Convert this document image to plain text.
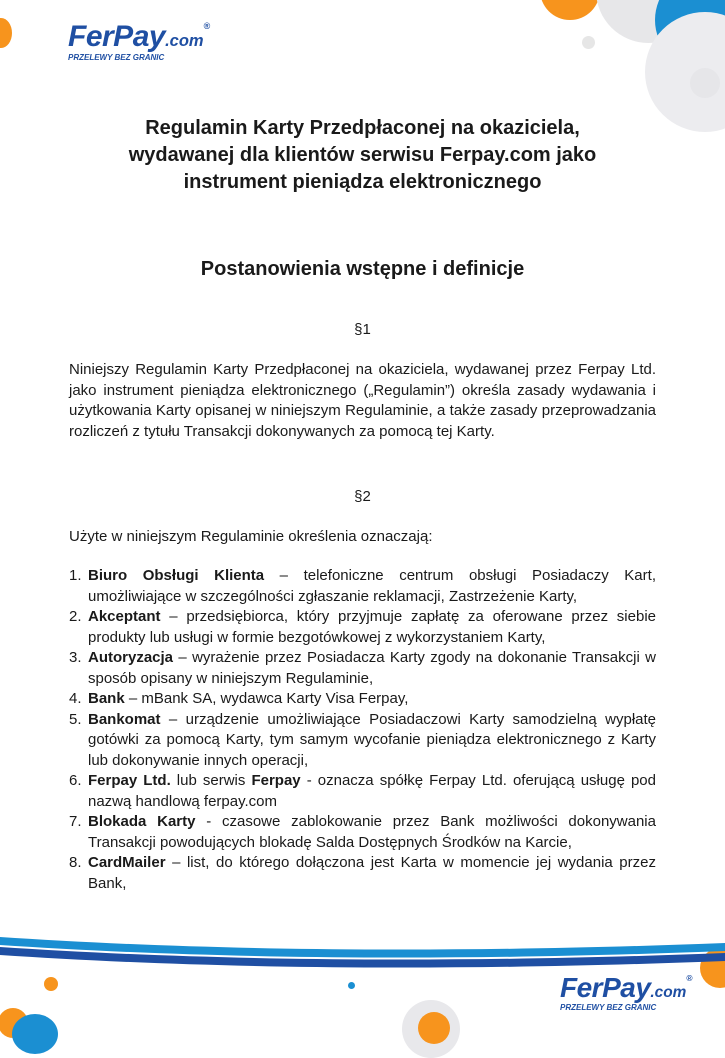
FerPay.com®
PRZELEWY BEZ GRANIC
Regulamin Karty Przedpłaconej na okaziciela,
wydawanej dla klientów serwisu Ferpay.com jako
instrument pieniądza elektronicznego
Postanowienia wstępne i definicje

§1

Niniejszy Regulamin Karty Przedpłaconej na okaziciela, wydawanej przez Ferpay Ltd. jako instrument pieniądza elektronicznego („Regulamin”) określa zasady wydawania i użytkowania Karty opisanej w niniejszym Regulaminie, a także zasady przeprowadzania rozliczeń z tytułu Transakcji dokonywanych za pomocą tej Karty.

§2

Użyte w niniejszym Regulaminie określenia oznaczają:

1. Biuro Obsługi Klienta – telefoniczne centrum obsługi Posiadaczy Kart, umożliwiające w szczególności zgłaszanie reklamacji, Zastrzeżenie Karty,
2. Akceptant – przedsiębiorca, który przyjmuje zapłatę za oferowane przez siebie produkty lub usługi w formie bezgotówkowej z wykorzystaniem Karty,
3. Autoryzacja – wyrażenie przez Posiadacza Karty zgody na dokonanie Transakcji w sposób opisany w niniejszym Regulaminie,
4. Bank – mBank SA, wydawca Karty Visa Ferpay,
5. Bankomat – urządzenie umożliwiające Posiadaczowi Karty samodzielną wypłatę gotówki za pomocą Karty, tym samym wycofanie pieniądza elektronicznego z Karty lub dokonywanie innych operacji,
6. Ferpay Ltd. lub serwis Ferpay - oznacza spółkę Ferpay Ltd. oferującą usługę pod nazwą handlową ferpay.com
7. Blokada Karty - czasowe zablokowanie przez Bank możliwości dokonywania Transakcji powodujących blokadę Salda Dostępnych Środków na Karcie,
8. CardMailer – list, do którego dołączona jest Karta w momencie jej wydania przez Bank,
FerPay.com®
PRZELEWY BEZ GRANIC
